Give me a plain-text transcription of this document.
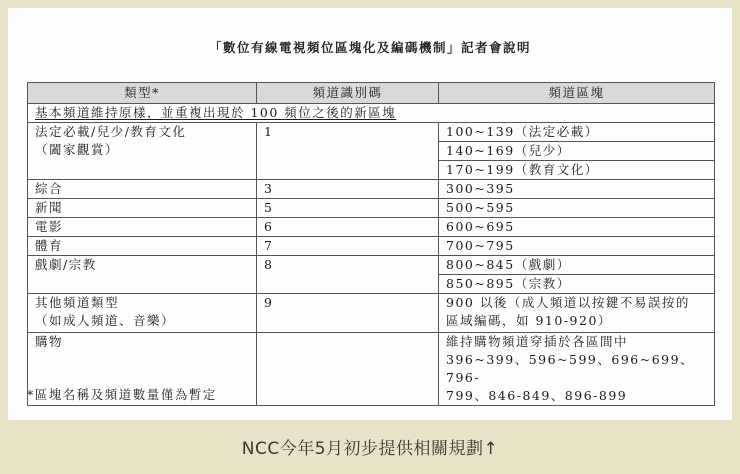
「數位有線電視頻位區塊化及編碼機制」記者會說明
類型*	頻道識別碼	頻道區塊
基本頻道維持原樣，並重複出現於 100 頻位之後的新區塊		

法定必載/兒少/教育文化
（闔家觀賞）	1	100~139（法定必載）
		140~169（兒少）
		170~199（教育文化）
綜合	3	300~395
新聞	5	500~595
電影	6	600~695
體育	7	700~795
戲劇/宗教	8	800~845（戲劇）
		850~895（宗教）

其他頻道類型
（如成人頻道、音樂）	9	900 以後（成人頻道以按鍵不易誤按的
區域編碼，如 910-920）

購物		維持購物頻道穿插於各區間中
396~399、596~599、696~699、796-
799、846-849、896-899
*區塊名稱及頻道數量僅為暫定
NCC今年5月初步提供相關規劃↑
